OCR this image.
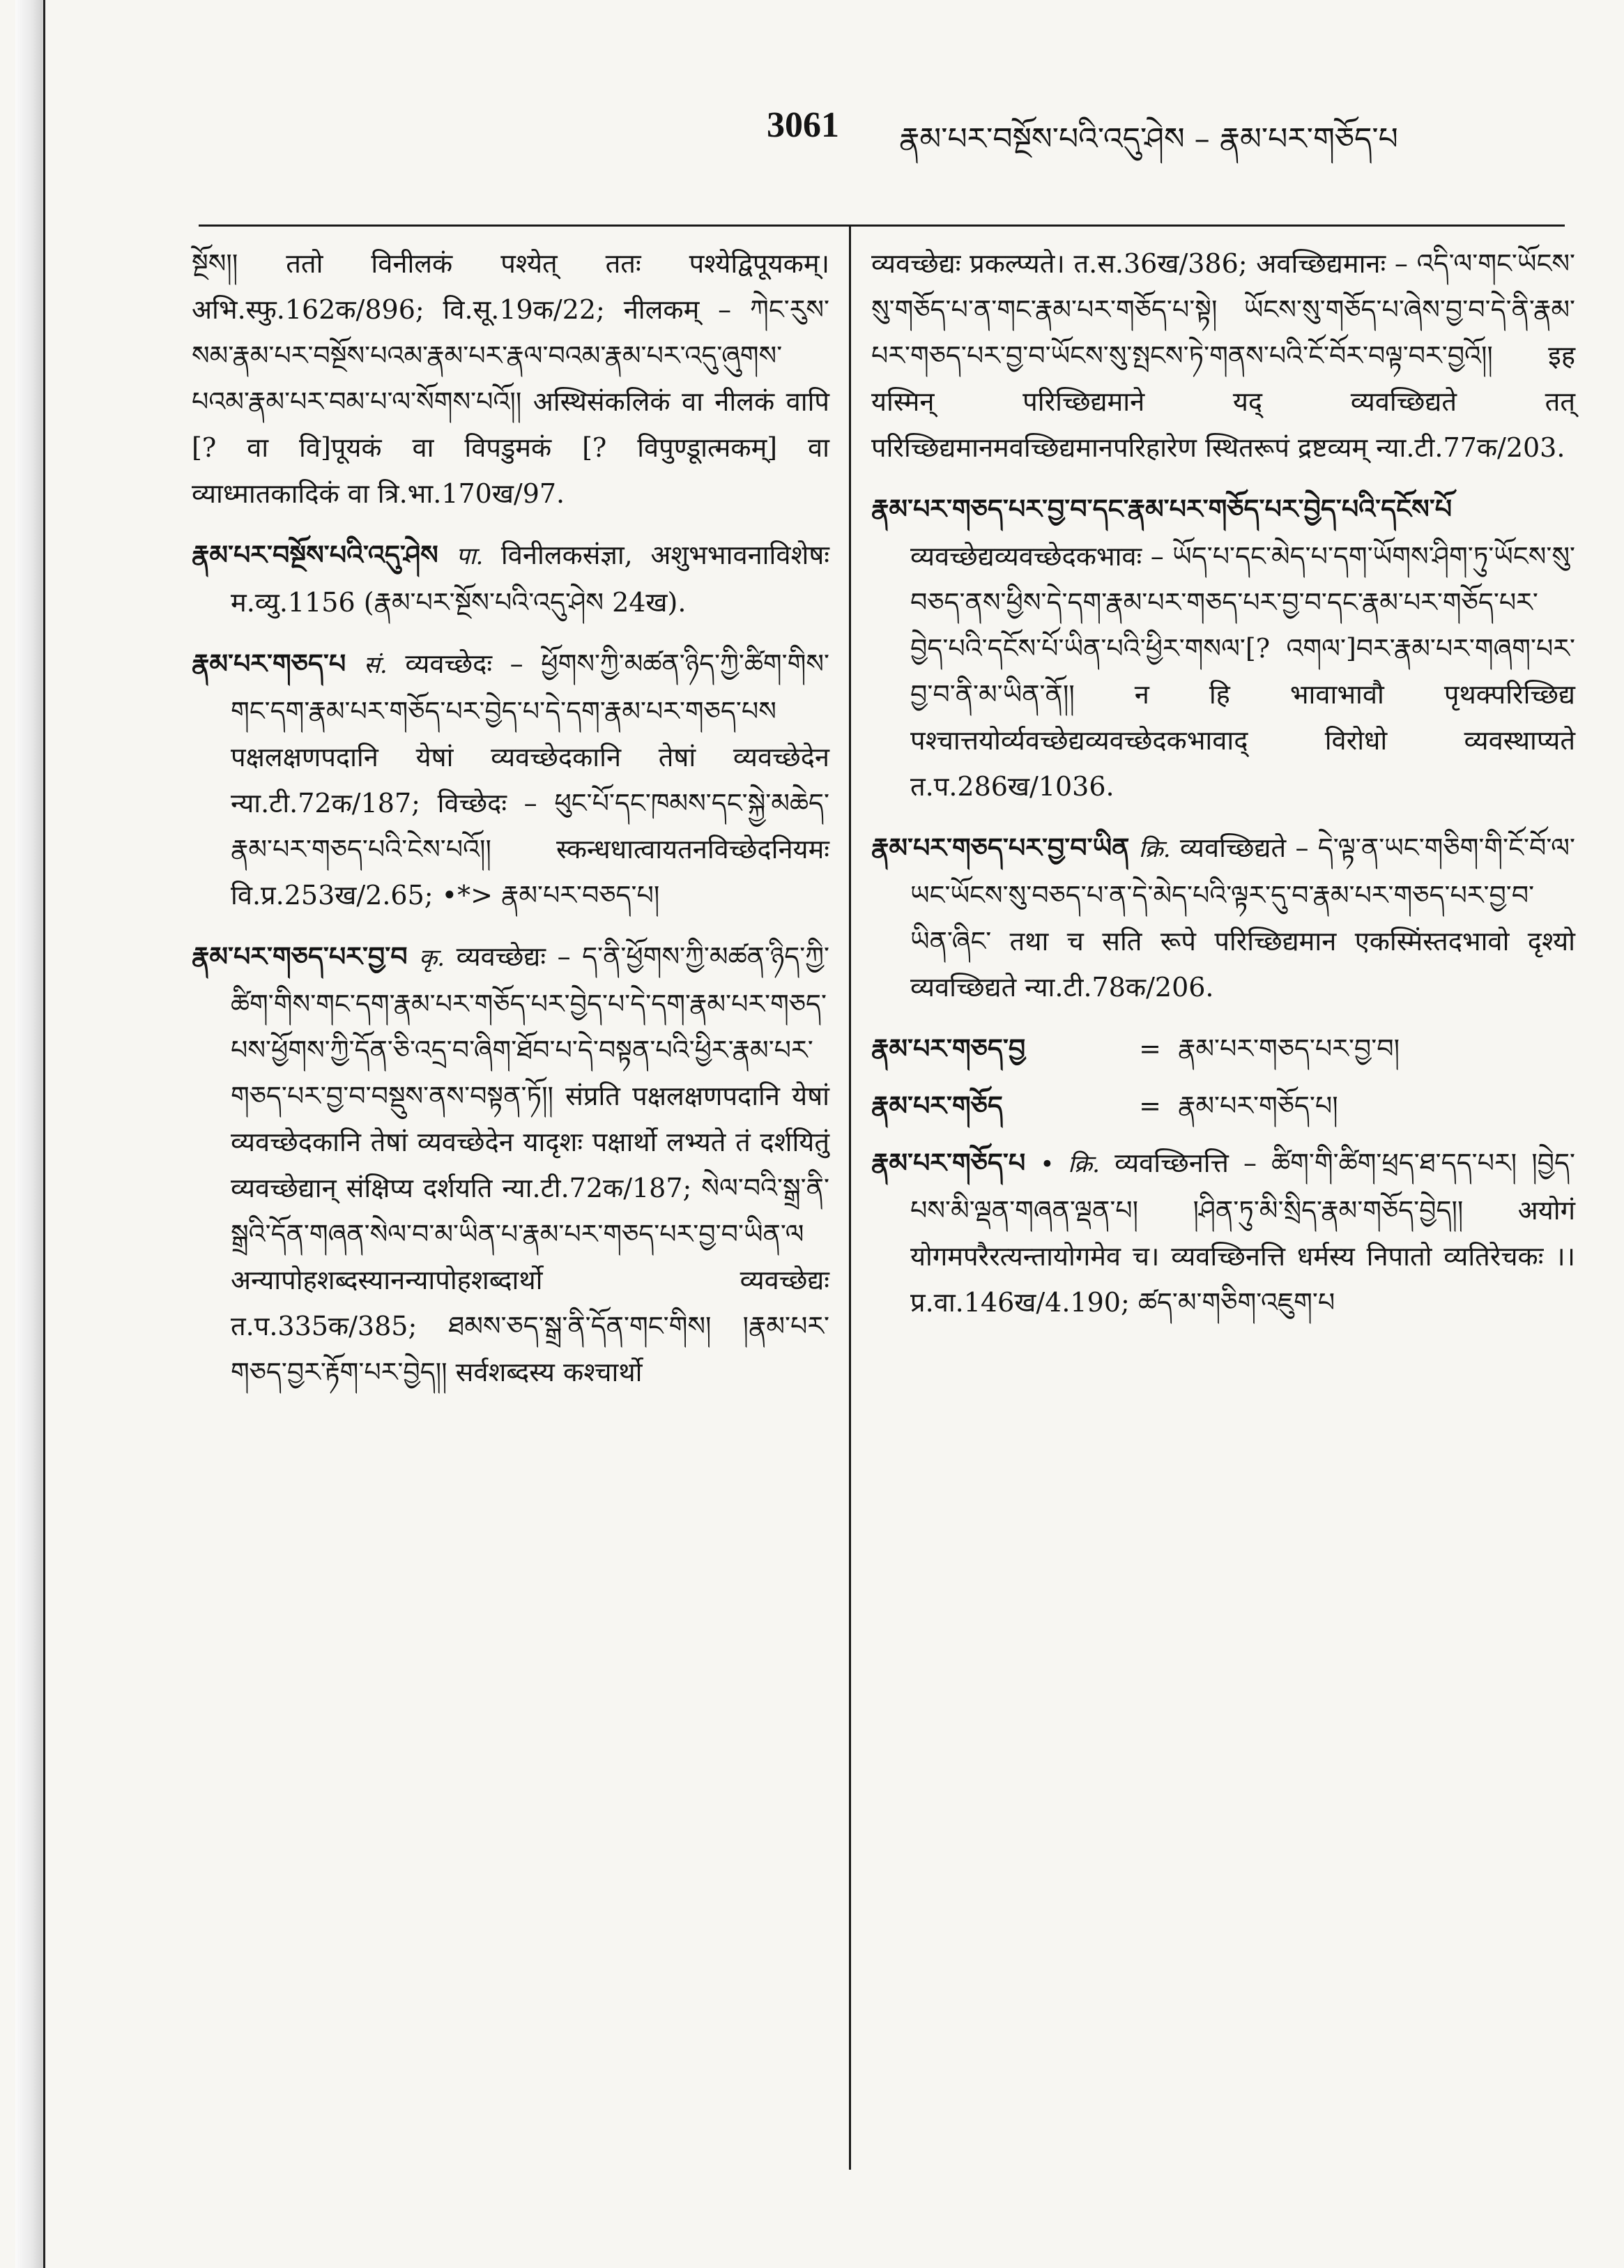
3061 རྣམ་པར་བསྔོས་པའི་འདུ་ཤེས – རྣམ་པར་གཅོད་པ

སྔོས།། ततो विनीलकं पश्येत् ततः पश्येद्विपूयकम्। अभि.स्फु.162क/896; वि.सू.19क/22; नीलकम् – ཀེང་རུས་སམ་རྣམ་པར་བསྔོས་པའམ་རྣམ་པར་རྣལ་བའམ་རྣམ་པར་འདུ་ཞུགས་པའམ་རྣམ་པར་བམ་པ་ལ་སོགས་པའོ།། अस्थिसंकलिकं वा नीलकं वापि [? वा वि]पूयकं वा विपडुमकं [? विपुण्डूात्मकम्] वा व्याध्मातकादिकं वा त्रि.भा.170ख/97.

རྣམ་པར་བསྔོས་པའི་འདུ་ཤེས पा. विनीलकसंज्ञा, अशुभभावनाविशेषः म.व्यु.1156 (རྣམ་པར་སྔོས་པའི་འདུ་ཤེས 24ख).

རྣམ་པར་གཅད་པ सं. व्यवच्छेदः – ཕྱོགས་ཀྱི་མཚན་ཉིད་ཀྱི་ཚིག་གིས་གང་དག་རྣམ་པར་གཅོད་པར་བྱེད་པ་དེ་དག་རྣམ་པར་གཅད་པས पक्षलक्षणपदानि येषां व्यवच्छेदकानि तेषां व्यवच्छेदेन न्या.टी.72क/187; विच्छेदः – ཕུང་པོ་དང་ཁམས་དང་སྐྱེ་མཆེད་རྣམ་པར་གཅད་པའི་ངེས་པའོ།། स्कन्धधात्वायतनविच्छेदनियमः वि.प्र.253ख/2.65; •*> རྣམ་པར་བཅད་པ།

རྣམ་པར་གཅད་པར་བྱ་བ कृ. व्यवच्छेद्यः – ད་ནི་ཕྱོགས་ཀྱི་མཚན་ཉིད་ཀྱི་ཚིག་གིས་གང་དག་རྣམ་པར་གཅོད་པར་བྱེད་པ་དེ་དག་རྣམ་པར་གཅད་པས་ཕྱོགས་ཀྱི་དོན་ཅི་འདྲ་བ་ཞིག་ཐོབ་པ་དེ་བསྟན་པའི་ཕྱིར་རྣམ་པར་གཅད་པར་བྱ་བ་བསྡུས་ནས་བསྟན་ཏོ།། संप्रति पक्षलक्षणपदानि येषां व्यवच्छेदकानि तेषां व्यवच्छेदेन यादृशः पक्षार्थो लभ्यते तं दर्शयितुं व्यवच्छेद्यान् संक्षिप्य दर्शयति न्या.टी.72क/187; སེལ་བའི་སྒྲ་ནི་སྒྲའི་དོན་གཞན་སེལ་བ་མ་ཡིན་པ་རྣམ་པར་གཅད་པར་བྱ་བ་ཡིན་ལ अन्यापोहशब्दस्यानन्यापोहशब्दार्थो व्यवच्छेद्यः त.प.335क/385; ཐམས་ཅད་སྒྲ་ནི་དོན་གང་གིས། །རྣམ་པར་གཅད་བྱར་རྟོག་པར་བྱེད།། सर्वशब्दस्य कश्चार्थो

व्यवच्छेद्यः प्रकल्प्यते। त.स.36ख/386; अवच्छिद्यमानः – འདི་ལ་གང་ཡོངས་སུ་གཅོད་པ་ན་གང་རྣམ་པར་གཅོད་པ་སྟེ། ཡོངས་སུ་གཅོད་པ་ཞེས་བྱ་བ་དེ་ནི་རྣམ་པར་གཅད་པར་བྱ་བ་ཡོངས་སུ་སྤངས་ཏེ་གནས་པའི་ངོ་བོར་བལྟ་བར་བྱའོ།། इह यस्मिन् परिच्छिद्यमाने यद् व्यवच्छिद्यते तत् परिच्छिद्यमानमवच्छिद्यमानपरिहारेण स्थितरूपं द्रष्टव्यम् न्या.टी.77क/203.

རྣམ་པར་གཅད་པར་བྱ་བ་དང་རྣམ་པར་གཅོད་པར་བྱེད་པའི་དངོས་པོ व्यवच्छेद्यव्यवच्छेदकभावः – ཡོད་པ་དང་མེད་པ་དག་ཡོགས་ཤིག་ཏུ་ཡོངས་སུ་བཅད་ནས་ཕྱིས་དེ་དག་རྣམ་པར་གཅད་པར་བྱ་བ་དང་རྣམ་པར་གཅོད་པར་བྱེད་པའི་དངོས་པོ་ཡིན་པའི་ཕྱིར་གསལ་[? འགལ་]བར་རྣམ་པར་གཞག་པར་བྱ་བ་ནི་མ་ཡིན་ནོ།། न हि भावाभावौ पृथक्परिच्छिद्य पश्चात्तयोर्व्यवच्छेद्यव्यवच्छेदकभावाद् विरोधो व्यवस्थाप्यते त.प.286ख/1036.

རྣམ་པར་གཅད་པར་བྱ་བ་ཡིན क्रि. व्यवच्छिद्यते – དེ་ལྟ་ན་ཡང་གཅིག་གི་ངོ་བོ་ལ་ཡང་ཡོངས་སུ་བཅད་པ་ན་དེ་མེད་པའི་ལྟར་དུ་བ་རྣམ་པར་གཅད་པར་བྱ་བ་ཡིན་ཞིང་ तथा च सति रूपे परिच्छिद्यमान एकस्मिंस्तदभावो दृश्यो व्यवच्छिद्यते न्या.टी.78क/206.

རྣམ་པར་གཅད་བྱ	= རྣམ་པར་གཅད་པར་བྱ་བ།
རྣམ་པར་གཅོད	= རྣམ་པར་གཅོད་པ།

རྣམ་པར་གཅོད་པ • क्रि. व्यवच्छिनत्ति – ཚིག་གི་ཚིག་ཕྲད་ཐ་དད་པར། །བྱེད་པས་མི་ལྡན་གཞན་ལྡན་པ། །ཤིན་ཏུ་མི་སྲིད་རྣམ་གཅོད་བྱེད།། अयोगं योगमपरैरत्यन्तायोगमेव च। व्यवच्छिनत्ति धर्मस्य निपातो व्यतिरेचकः ।। प्र.वा.146ख/4.190; ཚད་མ་གཅིག་འཇུག་པ
